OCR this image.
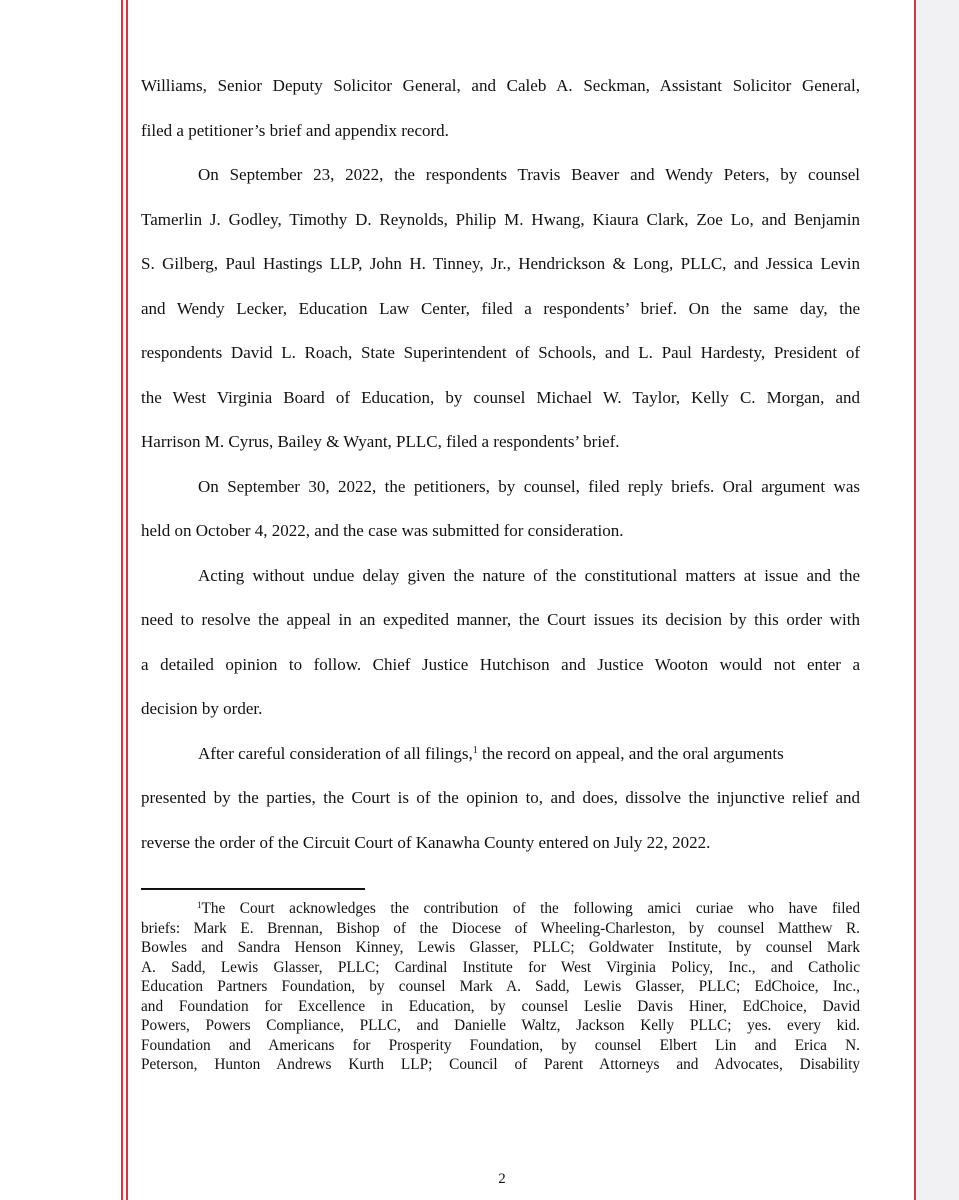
Williams, Senior Deputy Solicitor General, and Caleb A. Seckman, Assistant Solicitor General,
filed a petitioner’s brief and appendix record.
On September 23, 2022, the respondents Travis Beaver and Wendy Peters, by counsel
Tamerlin J. Godley, Timothy D. Reynolds, Philip M. Hwang, Kiaura Clark, Zoe Lo, and Benjamin
S. Gilberg, Paul Hastings LLP, John H. Tinney, Jr., Hendrickson & Long, PLLC, and Jessica Levin
and Wendy Lecker, Education Law Center, filed a respondents’ brief. On the same day, the
respondents David L. Roach, State Superintendent of Schools, and L. Paul Hardesty, President of
the West Virginia Board of Education, by counsel Michael W. Taylor, Kelly C. Morgan, and
Harrison M. Cyrus, Bailey & Wyant, PLLC, filed a respondents’ brief.
On September 30, 2022, the petitioners, by counsel, filed reply briefs. Oral argument was
held on October 4, 2022, and the case was submitted for consideration.
Acting without undue delay given the nature of the constitutional matters at issue and the
need to resolve the appeal in an expedited manner, the Court issues its decision by this order with
a detailed opinion to follow. Chief Justice Hutchison and Justice Wooton would not enter a
decision by order.
After careful consideration of all filings,$^1$ the record on appeal, and the oral arguments
presented by the parties, the Court is of the opinion to, and does, dissolve the injunctive relief and
reverse the order of the Circuit Court of Kanawha County entered on July 22, 2022.
$^1$The Court acknowledges the contribution of the following amici curiae who have filed
briefs: Mark E. Brennan, Bishop of the Diocese of Wheeling-Charleston, by counsel Matthew R.
Bowles and Sandra Henson Kinney, Lewis Glasser, PLLC; Goldwater Institute, by counsel Mark
A. Sadd, Lewis Glasser, PLLC; Cardinal Institute for West Virginia Policy, Inc., and Catholic
Education Partners Foundation, by counsel Mark A. Sadd, Lewis Glasser, PLLC; EdChoice, Inc.,
and Foundation for Excellence in Education, by counsel Leslie Davis Hiner, EdChoice, David
Powers, Powers Compliance, PLLC, and Danielle Waltz, Jackson Kelly PLLC; yes. every kid.
Foundation and Americans for Prosperity Foundation, by counsel Elbert Lin and Erica N.
Peterson, Hunton Andrews Kurth LLP; Council of Parent Attorneys and Advocates, Disability
2
